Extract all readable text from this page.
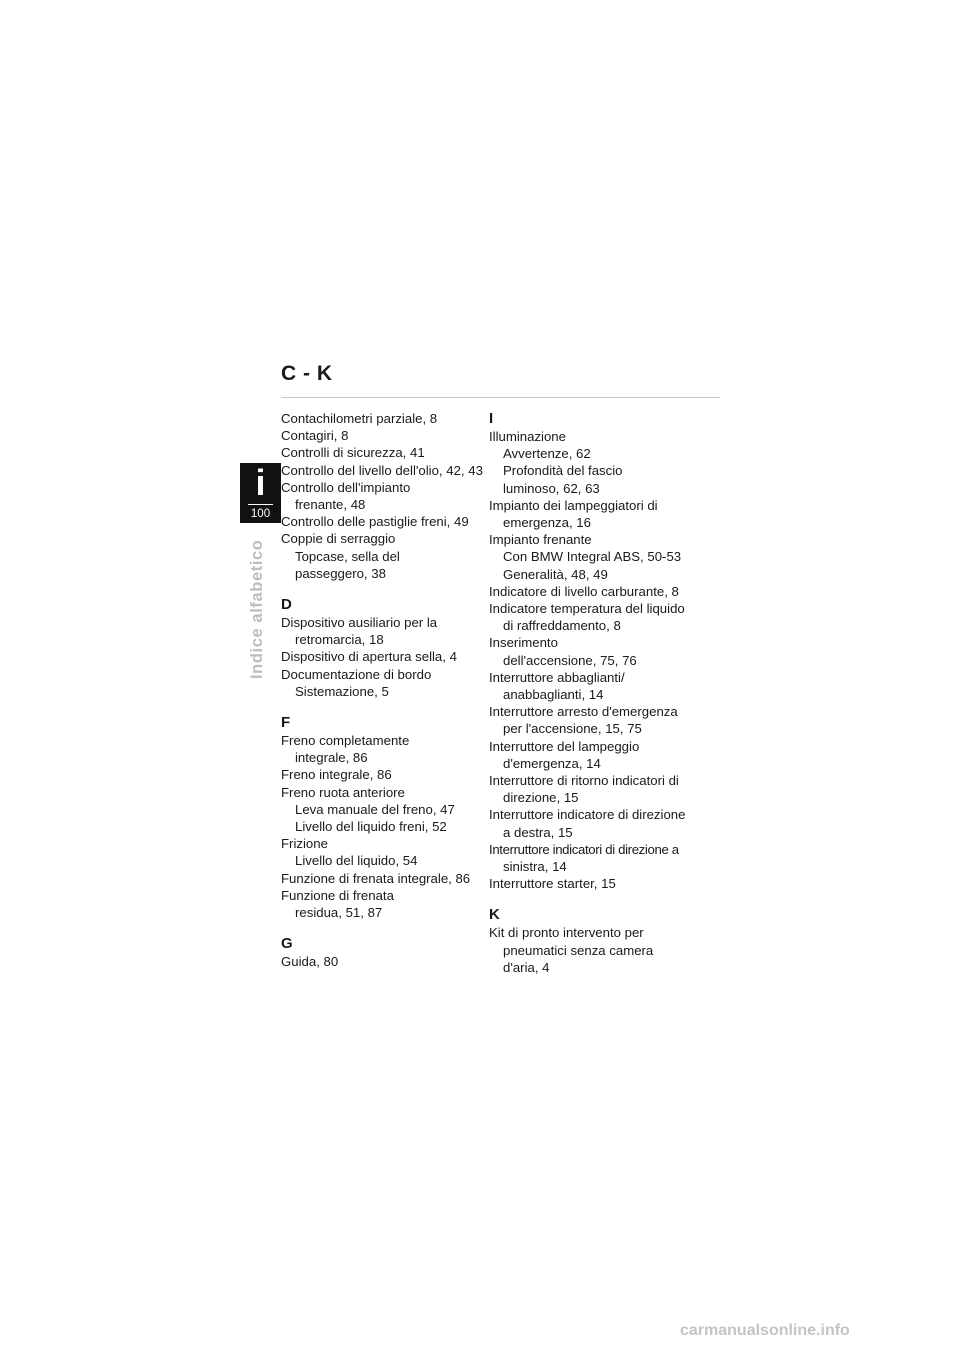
C - K
i
100
Indice alfabetico
Contachilometri parziale, 8
Contagiri, 8
Controlli di sicurezza, 41
Controllo del livello dell'olio, 42, 43
Controllo dell'impianto
frenante, 48
Controllo delle pastiglie freni, 49
Coppie di serraggio
Topcase, sella del
passeggero, 38
D
Dispositivo ausiliario per la
retromarcia, 18
Dispositivo di apertura sella, 4
Documentazione di bordo
Sistemazione, 5
F
Freno completamente
integrale, 86
Freno integrale, 86
Freno ruota anteriore
Leva manuale del freno, 47
Livello del liquido freni, 52
Frizione
Livello del liquido, 54
Funzione di frenata integrale, 86
Funzione di frenata
residua, 51, 87
G
Guida, 80
I
Illuminazione
Avvertenze, 62
Profondità del fascio
luminoso, 62, 63
Impianto dei lampeggiatori di
emergenza, 16
Impianto frenante
Con BMW Integral ABS, 50-53
Generalità, 48, 49
Indicatore di livello carburante, 8
Indicatore temperatura del liquido
di raffreddamento, 8
Inserimento
dell'accensione, 75, 76
Interruttore abbaglianti/
anabbaglianti, 14
Interruttore arresto d'emergenza
per l'accensione, 15, 75
Interruttore del lampeggio
d'emergenza, 14
Interruttore di ritorno indicatori di
direzione, 15
Interruttore indicatore di direzione
a destra, 15
Interruttore indicatori di direzione a
sinistra, 14
Interruttore starter, 15
K
Kit di pronto intervento per
pneumatici senza camera
d'aria, 4
carmanualsonline.info
